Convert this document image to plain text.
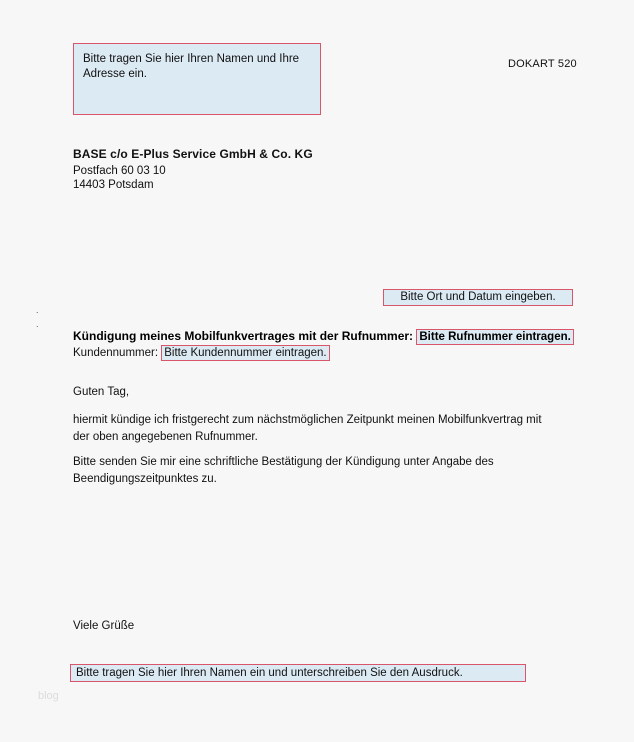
Bitte tragen Sie hier Ihren Namen und Ihre Adresse ein.
DOKART 520
BASE c/o E-Plus Service GmbH & Co. KG
Postfach 60 03 10
14403 Potsdam
Bitte Ort und Datum eingeben.
.
.
Kündigung meines Mobilfunkvertrages mit der Rufnummer: Bitte Rufnummer eintragen.
Kundennummer: Bitte Kundennummer eintragen.
Guten Tag,
hiermit kündige ich fristgerecht zum nächstmöglichen Zeitpunkt meinen Mobilfunkvertrag mit der oben angegebenen Rufnummer.
Bitte senden Sie mir eine schriftliche Bestätigung der Kündigung unter Angabe des Beendigungszeitpunktes zu.
Viele Grüße
Bitte tragen Sie hier Ihren Namen ein und unterschreiben Sie den Ausdruck.
blog
